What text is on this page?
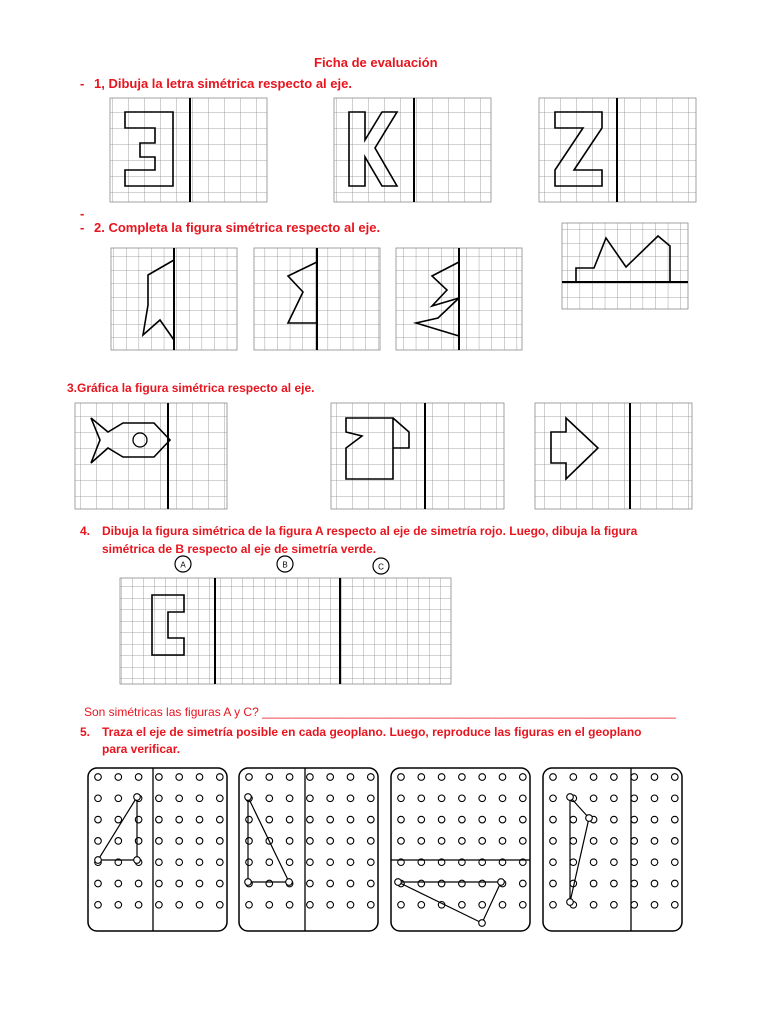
Ficha de evaluación
- 1, Dibuja la letra simétrica respecto al eje.
-
- 2. Completa la figura simétrica respecto al eje.
3.Gráfica la figura simétrica respecto al eje.
4. Dibuja la figura simétrica de la figura A respecto al eje de simetría rojo. Luego, dibuja la figura
simétrica de B respecto al eje de simetría verde.
Son simétricas las figuras A y C? ______________________________________________________________
5. Traza el eje de simetría posible en cada geoplano. Luego, reproduce las figuras en el geoplano
para verificar.
A	B	C
